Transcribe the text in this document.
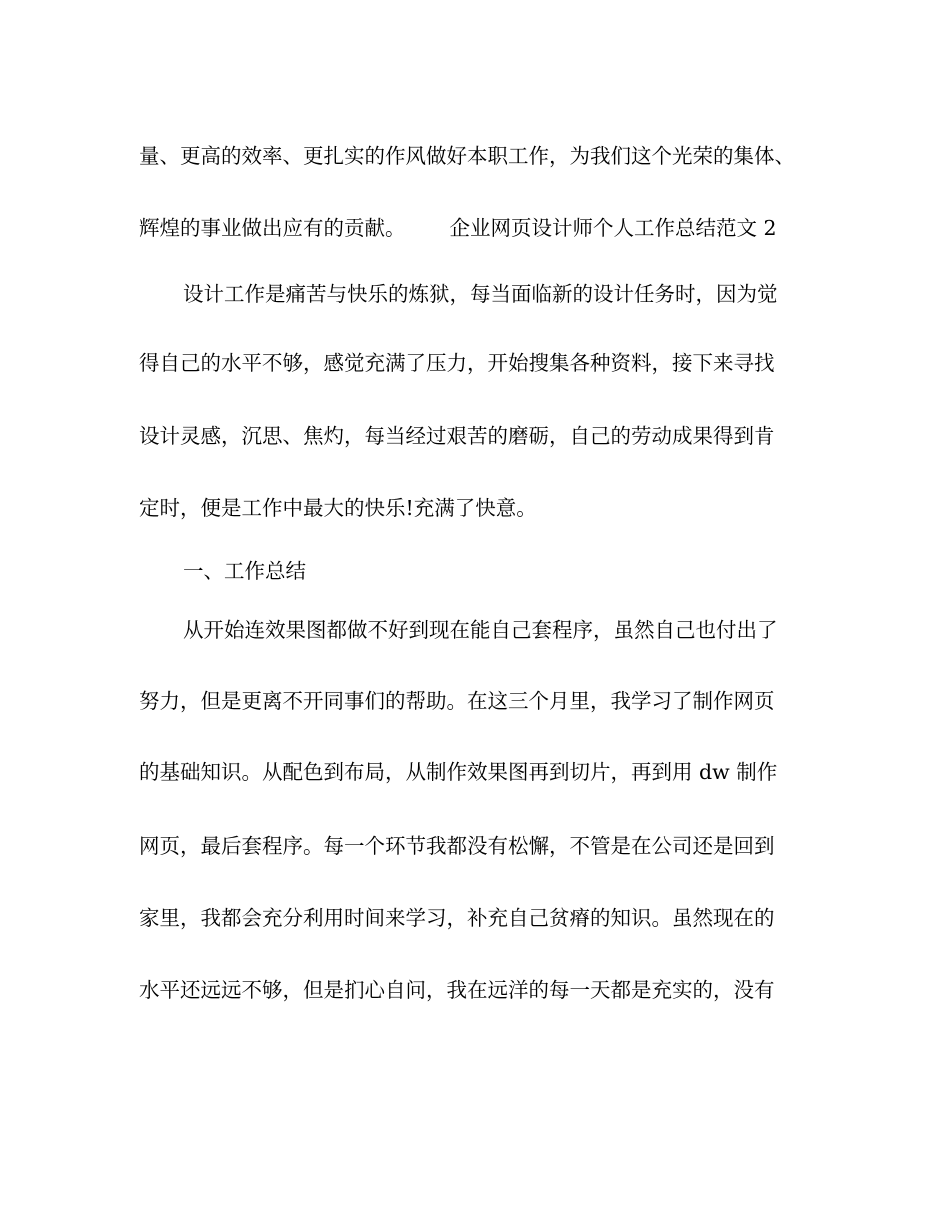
量、更高的效率、更扎实的作风做好本职工作，为我们这个光荣的集体、
辉煌的事业做出应有的贡献。 企业网页设计师个人工作总结范文 2
设计工作是痛苦与快乐的炼狱，每当面临新的设计任务时，因为觉
得自己的水平不够，感觉充满了压力，开始搜集各种资料，接下来寻找
设计灵感，沉思、焦灼，每当经过艰苦的磨砺，自己的劳动成果得到肯
定时，便是工作中最大的快乐!充满了快意。
一、工作总结
从开始连效果图都做不好到现在能自己套程序，虽然自己也付出了
努力，但是更离不开同事们的帮助。在这三个月里，我学习了制作网页
的基础知识。从配色到布局，从制作效果图再到切片，再到用 dw 制作
网页，最后套程序。每一个环节我都没有松懈，不管是在公司还是回到
家里，我都会充分利用时间来学习，补充自己贫瘠的知识。虽然现在的
水平还远远不够，但是扪心自问，我在远洋的每一天都是充实的，没有
